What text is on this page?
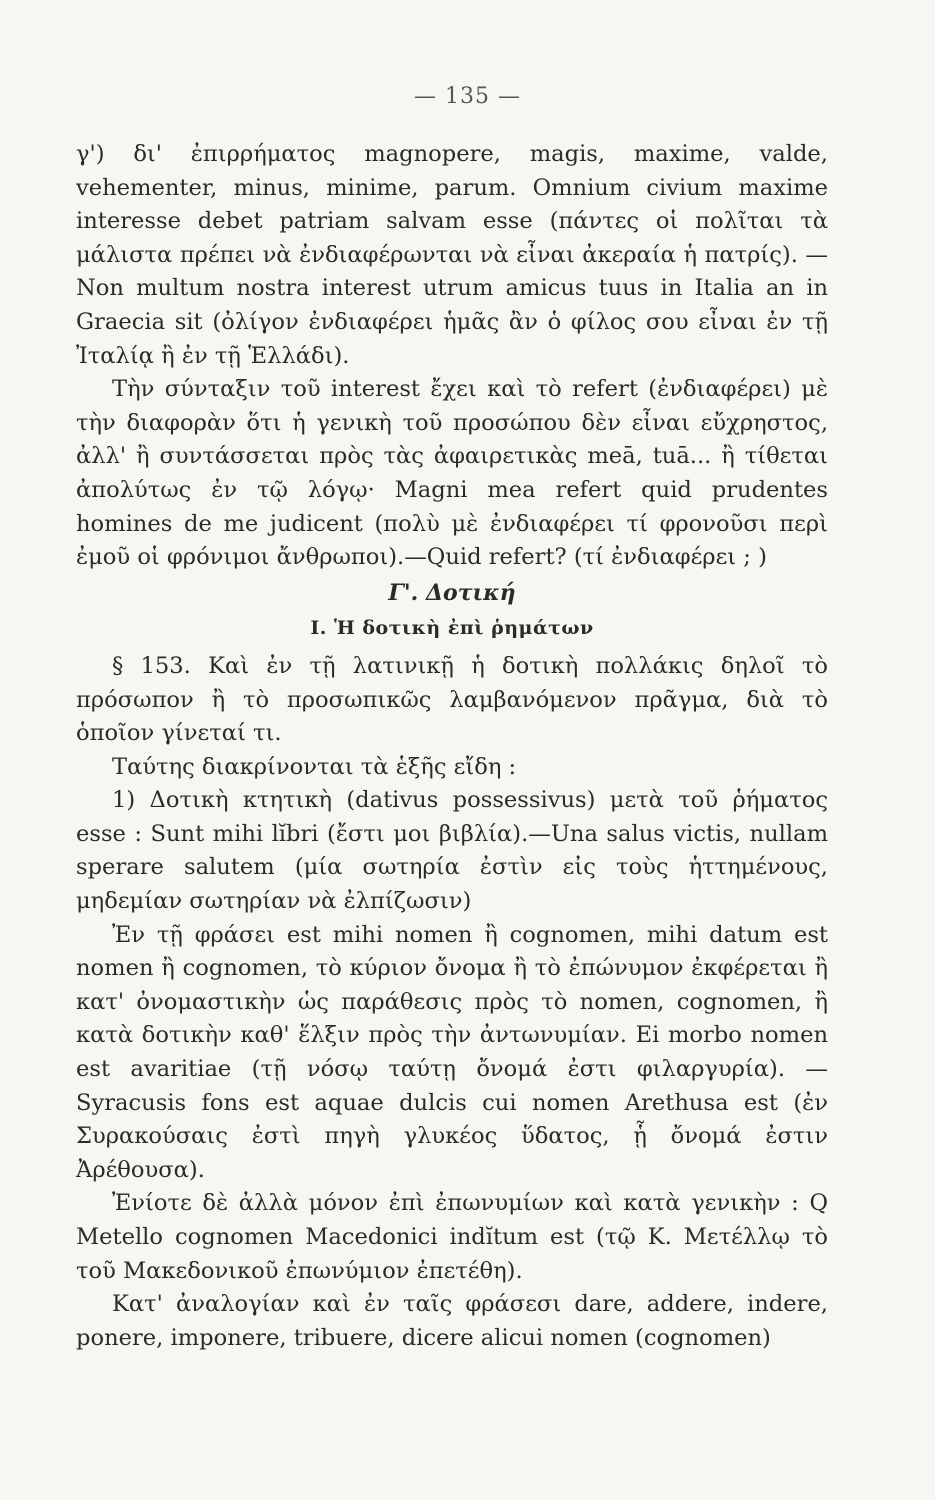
— 135 —

γ') δι' ἐπιρρήματος magnopere, magis, maxime, valde, vehementer, minus, minime, parum. Omnium civium maxime interesse debet patriam salvam esse (πάντες οἱ πολῖται τὰ μάλιστα πρέπει νὰ ἐνδιαφέρωνται νὰ εἶναι ἀκεραία ἡ πατρίς). — Non multum nostra interest utrum amicus tuus in Italia an in Graecia sit (ὀλίγον ἐνδιαφέρει ἡμᾶς ἂν ὁ φίλος σου εἶναι ἐν τῇ Ἰταλίᾳ ἢ ἐν τῇ Ἑλλάδι).

Τὴν σύνταξιν τοῦ interest ἔχει καὶ τὸ refert (ἐνδιαφέρει) μὲ τὴν διαφορὰν ὅτι ἡ γενικὴ τοῦ προσώπου δὲν εἶναι εὔχρηστος, ἀλλ' ἢ συντάσσεται πρὸς τὰς ἀφαιρετικὰς meā, tuā... ἢ τίθεται ἀπολύτως ἐν τῷ λόγῳ· Magni mea refert quid prudentes homines de me judicent (πολὺ μὲ ἐνδιαφέρει τί φρονοῦσι περὶ ἐμοῦ οἱ φρόνιμοι ἄνθρωποι).—Quid refert? (τί ἐνδιαφέρει ; )

Γ'. Δοτική
I. Ἡ δοτικὴ ἐπὶ ῥημάτων

§ 153. Καὶ ἐν τῇ λατινικῇ ἡ δοτικὴ πολλάκις δηλοῖ τὸ πρόσωπον ἢ τὸ προσωπικῶς λαμβανόμενον πρᾶγμα, διὰ τὸ ὁποῖον γίνεταί τι.

Ταύτης διακρίνονται τὰ ἑξῆς εἴδη :

1) Δοτικὴ κτητικὴ (dativus possessivus) μετὰ τοῦ ῥήματος esse : Sunt mihi lĭbri (ἔστι μοι βιβλία).—Una salus victis, nullam sperare salutem (μία σωτηρία ἐστὶν εἰς τοὺς ἡττημένους, μηδεμίαν σωτηρίαν νὰ ἐλπίζωσιν)

Ἐν τῇ φράσει est mihi nomen ἢ cognomen, mihi datum est nomen ἢ cognomen, τὸ κύριον ὄνομα ἢ τὸ ἐπώνυμον ἐκφέρεται ἢ κατ' ὀνομαστικὴν ὡς παράθεσις πρὸς τὸ nomen, cognomen, ἢ κατὰ δοτικὴν καθ' ἕλξιν πρὸς τὴν ἀντωνυμίαν. Ei morbo nomen est avaritiae (τῇ νόσῳ ταύτῃ ὄνομά ἐστι φιλαργυρία). —Syracusis fons est aquae dulcis cui nomen Arethusa est (ἐν Συρακούσαις ἐστὶ πηγὴ γλυκέος ὕδατος, ᾗ ὄνομά ἐστιν Ἀρέθουσα).

Ἐνίοτε δὲ ἀλλὰ μόνον ἐπὶ ἐπωνυμίων καὶ κατὰ γενικὴν : Q Metello cognomen Macedonici indĭtum est (τῷ Κ. Μετέλλῳ τὸ τοῦ Μακεδονικοῦ ἐπωνύμιον ἐπετέθη).

Κατ' ἀναλογίαν καὶ ἐν ταῖς φράσεσι dare, addere, indere, ponere, imponere, tribuere, dicere alicui nomen (cognomen)
